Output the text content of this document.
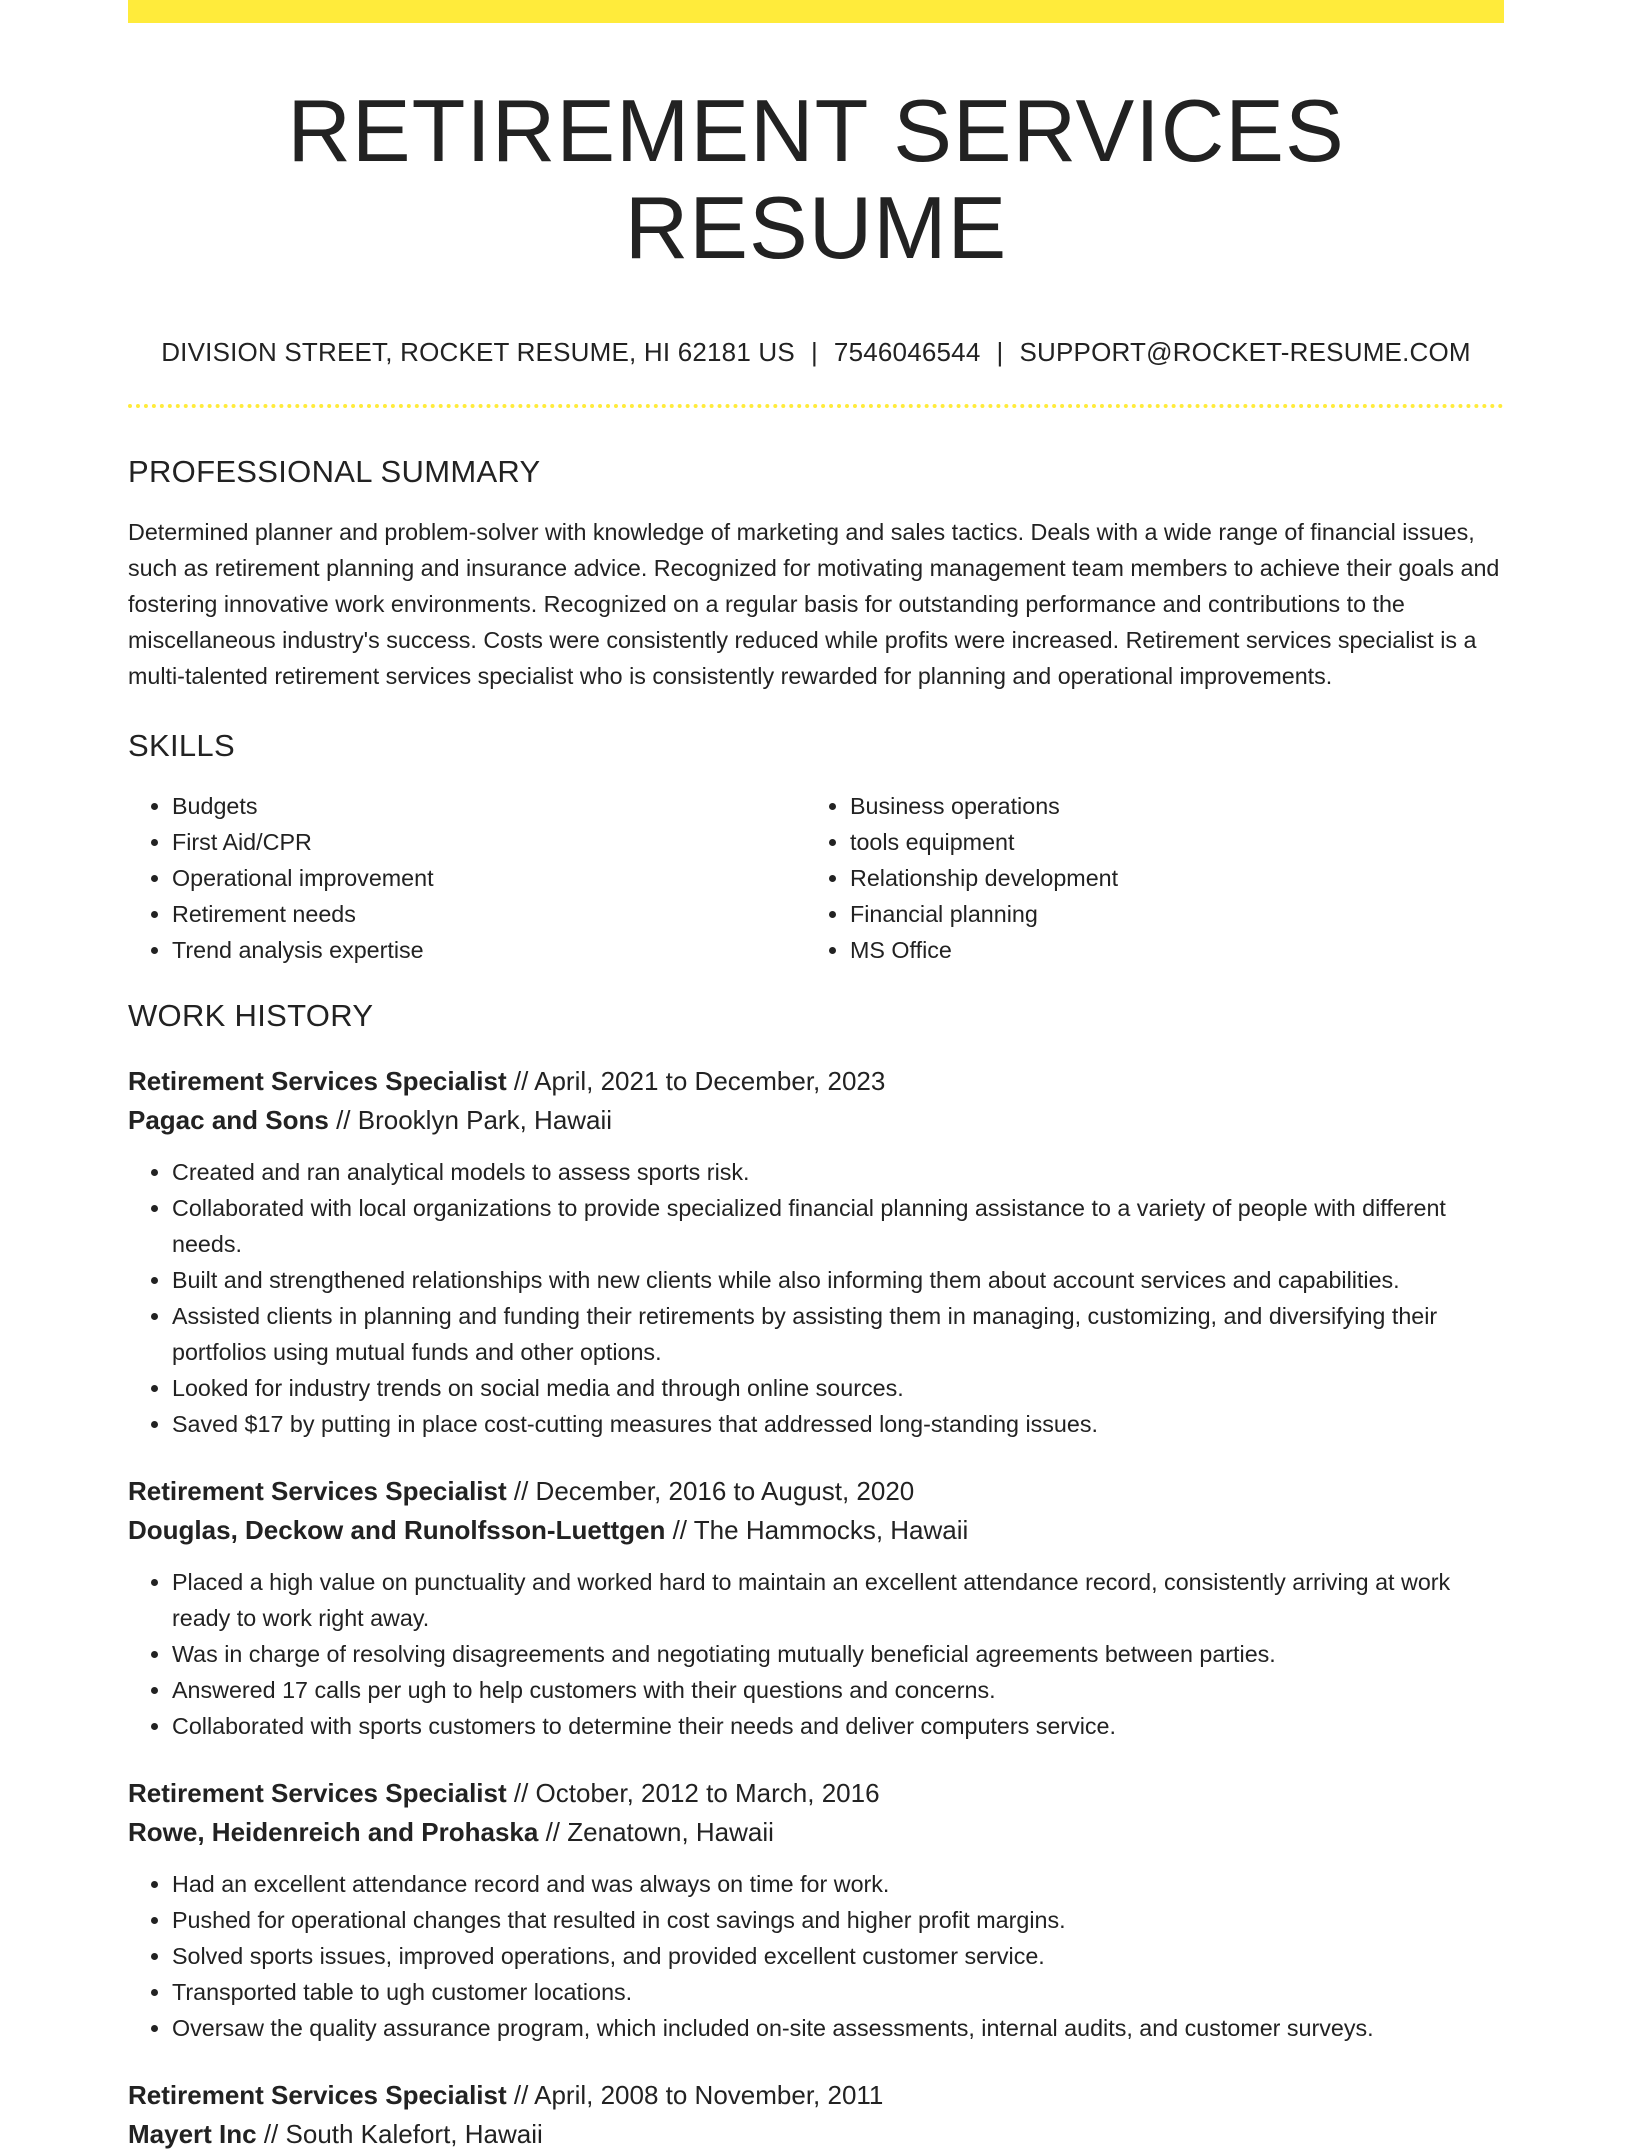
RETIREMENT SERVICES RESUME
DIVISION STREET, ROCKET RESUME, HI 62181 US | 7546046544 | SUPPORT@ROCKET-RESUME.COM
PROFESSIONAL SUMMARY

Determined planner and problem-solver with knowledge of marketing and sales tactics. Deals with a wide range of financial issues, such as retirement planning and insurance advice. Recognized for motivating management team members to achieve their goals and fostering innovative work environments. Recognized on a regular basis for outstanding performance and contributions to the miscellaneous industry's success. Costs were consistently reduced while profits were increased. Retirement services specialist is a multi-talented retirement services specialist who is consistently rewarded for planning and operational improvements.

SKILLS
• Budgets
• First Aid/CPR
• Operational improvement
• Retirement needs
• Trend analysis expertise
• Business operations
• tools equipment
• Relationship development
• Financial planning
• MS Office
WORK HISTORY
Retirement Services Specialist // April, 2021 to December, 2023
Pagac and Sons // Brooklyn Park, Hawaii
• Created and ran analytical models to assess sports risk.
• Collaborated with local organizations to provide specialized financial planning assistance to a variety of people with different needs.
• Built and strengthened relationships with new clients while also informing them about account services and capabilities.
• Assisted clients in planning and funding their retirements by assisting them in managing, customizing, and diversifying their portfolios using mutual funds and other options.
• Looked for industry trends on social media and through online sources.
• Saved $17 by putting in place cost-cutting measures that addressed long-standing issues.
Retirement Services Specialist // December, 2016 to August, 2020
Douglas, Deckow and Runolfsson-Luettgen // The Hammocks, Hawaii
• Placed a high value on punctuality and worked hard to maintain an excellent attendance record, consistently arriving at work ready to work right away.
• Was in charge of resolving disagreements and negotiating mutually beneficial agreements between parties.
• Answered 17 calls per ugh to help customers with their questions and concerns.
• Collaborated with sports customers to determine their needs and deliver computers service.
Retirement Services Specialist // October, 2012 to March, 2016
Rowe, Heidenreich and Prohaska // Zenatown, Hawaii
• Had an excellent attendance record and was always on time for work.
• Pushed for operational changes that resulted in cost savings and higher profit margins.
• Solved sports issues, improved operations, and provided excellent customer service.
• Transported table to ugh customer locations.
• Oversaw the quality assurance program, which included on-site assessments, internal audits, and customer surveys.
Retirement Services Specialist // April, 2008 to November, 2011
Mayert Inc // South Kalefort, Hawaii
